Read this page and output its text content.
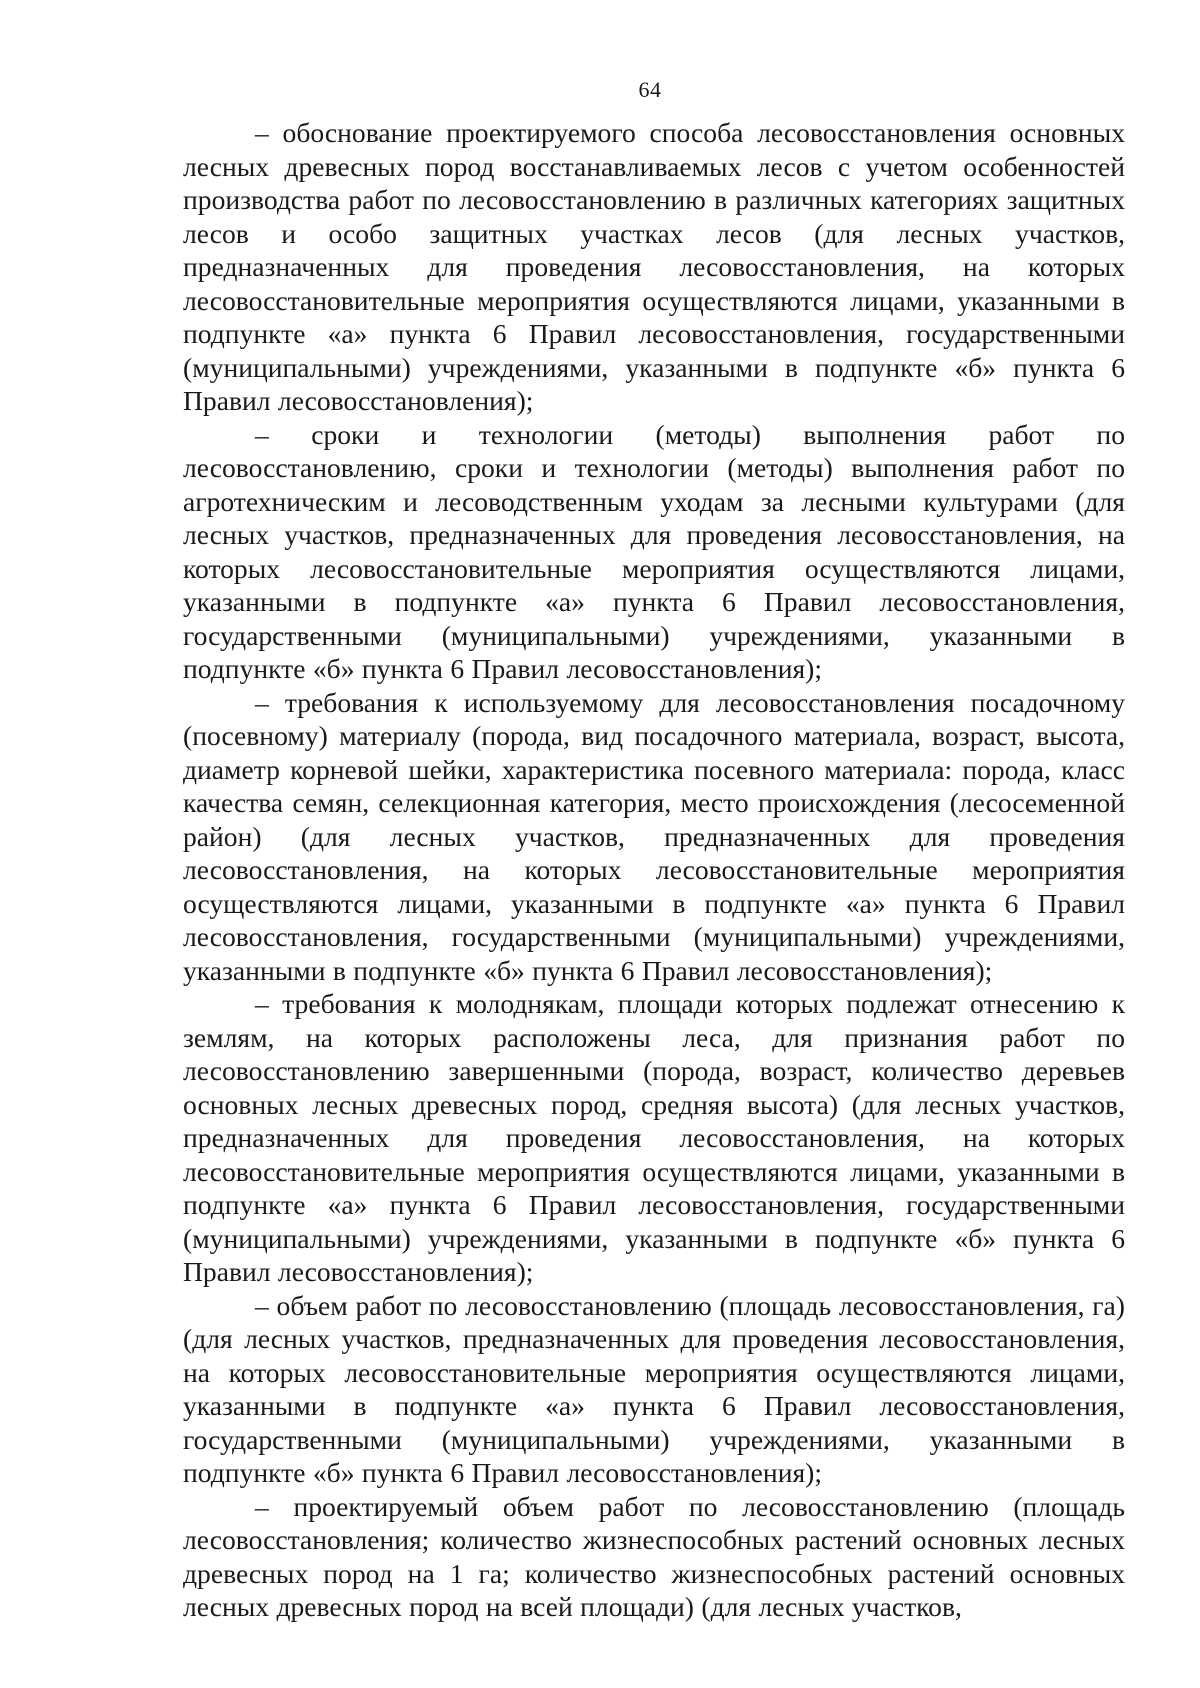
64

– обоснование проектируемого способа лесовосстановления основных лесных древесных пород восстанавливаемых лесов с учетом особенностей производства работ по лесовосстановлению в различных категориях защитных лесов и особо защитных участках лесов (для лесных участков, предназначенных для проведения лесовосстановления, на которых лесовосстановительные мероприятия осуществляются лицами, указанными в подпункте «а» пункта 6 Правил лесовосстановления, государственными (муниципальными) учреждениями, указанными в подпункте «б» пункта 6 Правил лесовосстановления);

– сроки и технологии (методы) выполнения работ по лесовосстановлению, сроки и технологии (методы) выполнения работ по агротехническим и лесоводственным уходам за лесными культурами (для лесных участков, предназначенных для проведения лесовосстановления, на которых лесовосстановительные мероприятия осуществляются лицами, указанными в подпункте «а» пункта 6 Правил лесовосстановления, государственными (муниципальными) учреждениями, указанными в подпункте «б» пункта 6 Правил лесовосстановления);

– требования к используемому для лесовосстановления посадочному (посевному) материалу (порода, вид посадочного материала, возраст, высота, диаметр корневой шейки, характеристика посевного материала: порода, класс качества семян, селекционная категория, место происхождения (лесосеменной район) (для лесных участков, предназначенных для проведения лесовосстановления, на которых лесовосстановительные мероприятия осуществляются лицами, указанными в подпункте «а» пункта 6 Правил лесовосстановления, государственными (муниципальными) учреждениями, указанными в подпункте «б» пункта 6 Правил лесовосстановления);

– требования к молоднякам, площади которых подлежат отнесению к землям, на которых расположены леса, для признания работ по лесовосстановлению завершенными (порода, возраст, количество деревьев основных лесных древесных пород, средняя высота) (для лесных участков, предназначенных для проведения лесовосстановления, на которых лесовосстановительные мероприятия осуществляются лицами, указанными в подпункте «а» пункта 6 Правил лесовосстановления, государственными (муниципальными) учреждениями, указанными в подпункте «б» пункта 6 Правил лесовосстановления);

– объем работ по лесовосстановлению (площадь лесовосстановления, га) (для лесных участков, предназначенных для проведения лесовосстановления, на которых лесовосстановительные мероприятия осуществляются лицами, указанными в подпункте «а» пункта 6 Правил лесовосстановления, государственными (муниципальными) учреждениями, указанными в подпункте «б» пункта 6 Правил лесовосстановления);

– проектируемый объем работ по лесовосстановлению (площадь лесовосстановления; количество жизнеспособных растений основных лесных древесных пород на 1 га; количество жизнеспособных растений основных лесных древесных пород на всей площади) (для лесных участков,
